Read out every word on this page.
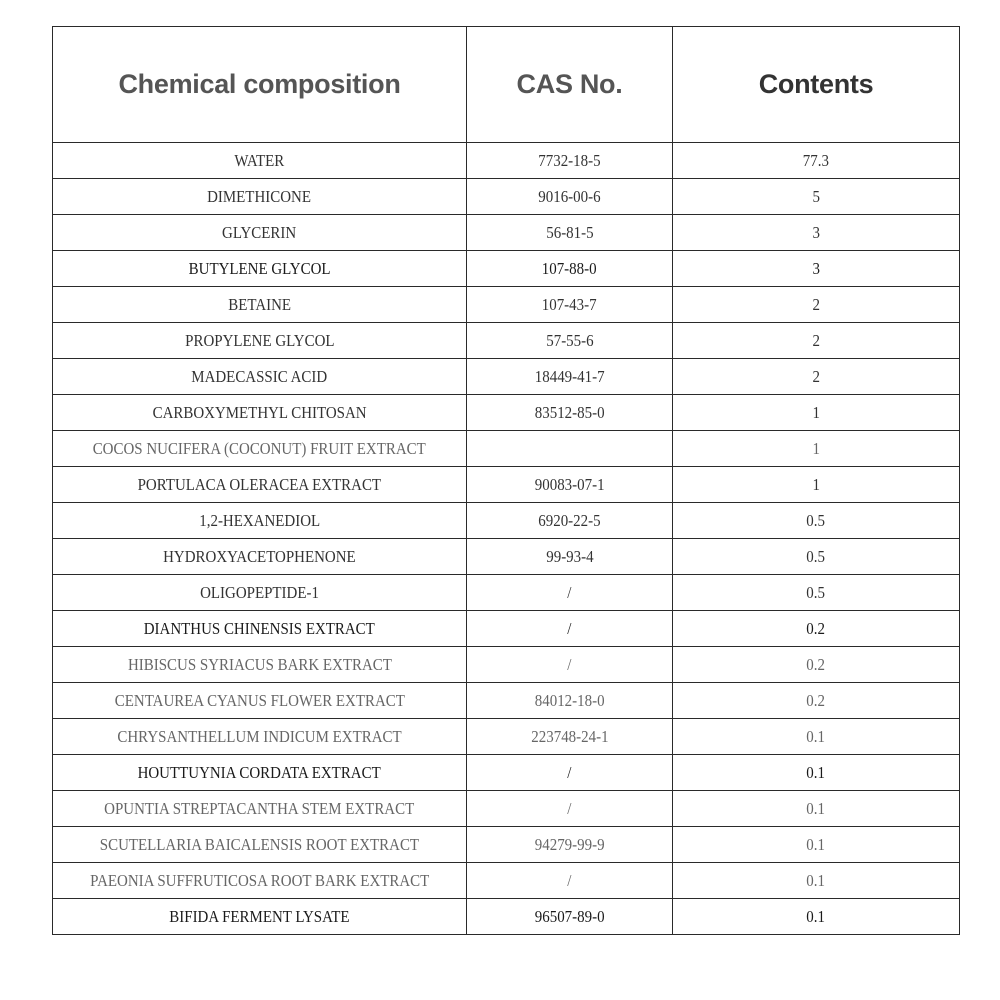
Chemical composition	CAS No.	Contents
WATER	7732-18-5	77.3
DIMETHICONE	9016-00-6	5
GLYCERIN	56-81-5	3
BUTYLENE GLYCOL	107-88-0	3
BETAINE	107-43-7	2
PROPYLENE GLYCOL	57-55-6	2
MADECASSIC ACID	18449-41-7	2
CARBOXYMETHYL CHITOSAN	83512-85-0	1
COCOS NUCIFERA (COCONUT) FRUIT EXTRACT		1
PORTULACA OLERACEA EXTRACT	90083-07-1	1
1,2-HEXANEDIOL	6920-22-5	0.5
HYDROXYACETOPHENONE	99-93-4	0.5
OLIGOPEPTIDE-1	/	0.5
DIANTHUS CHINENSIS EXTRACT	/	0.2
HIBISCUS SYRIACUS BARK EXTRACT	/	0.2
CENTAUREA CYANUS FLOWER EXTRACT	84012-18-0	0.2
CHRYSANTHELLUM INDICUM EXTRACT	223748-24-1	0.1
HOUTTUYNIA CORDATA EXTRACT	/	0.1
OPUNTIA STREPTACANTHA STEM EXTRACT	/	0.1
SCUTELLARIA BAICALENSIS ROOT EXTRACT	94279-99-9	0.1
PAEONIA SUFFRUTICOSA ROOT BARK EXTRACT	/	0.1
BIFIDA FERMENT LYSATE	96507-89-0	0.1
